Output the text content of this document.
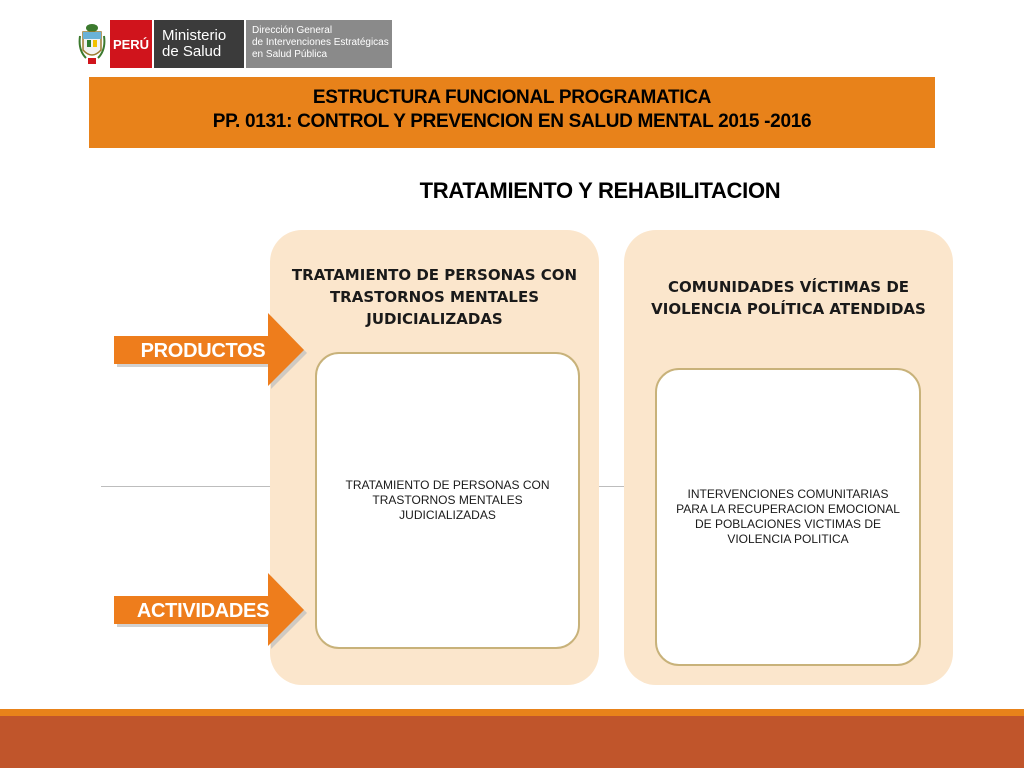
PERÚ Ministerio
de Salud
Dirección General
de Intervenciones Estratégicas
en Salud Pública
ESTRUCTURA FUNCIONAL PROGRAMATICA
PP. 0131: CONTROL Y PREVENCION EN SALUD MENTAL 2015 -2016
TRATAMIENTO Y REHABILITACION
TRATAMIENTO DE PERSONAS CON TRASTORNOS MENTALES JUDICIALIZADAS
TRATAMIENTO DE PERSONAS CON TRASTORNOS MENTALES JUDICIALIZADAS
COMUNIDADES VÍCTIMAS DE VIOLENCIA POLÍTICA ATENDIDAS
INTERVENCIONES COMUNITARIAS PARA LA RECUPERACION EMOCIONAL DE POBLACIONES VICTIMAS DE VIOLENCIA POLITICA
PRODUCTOS
ACTIVIDADES
